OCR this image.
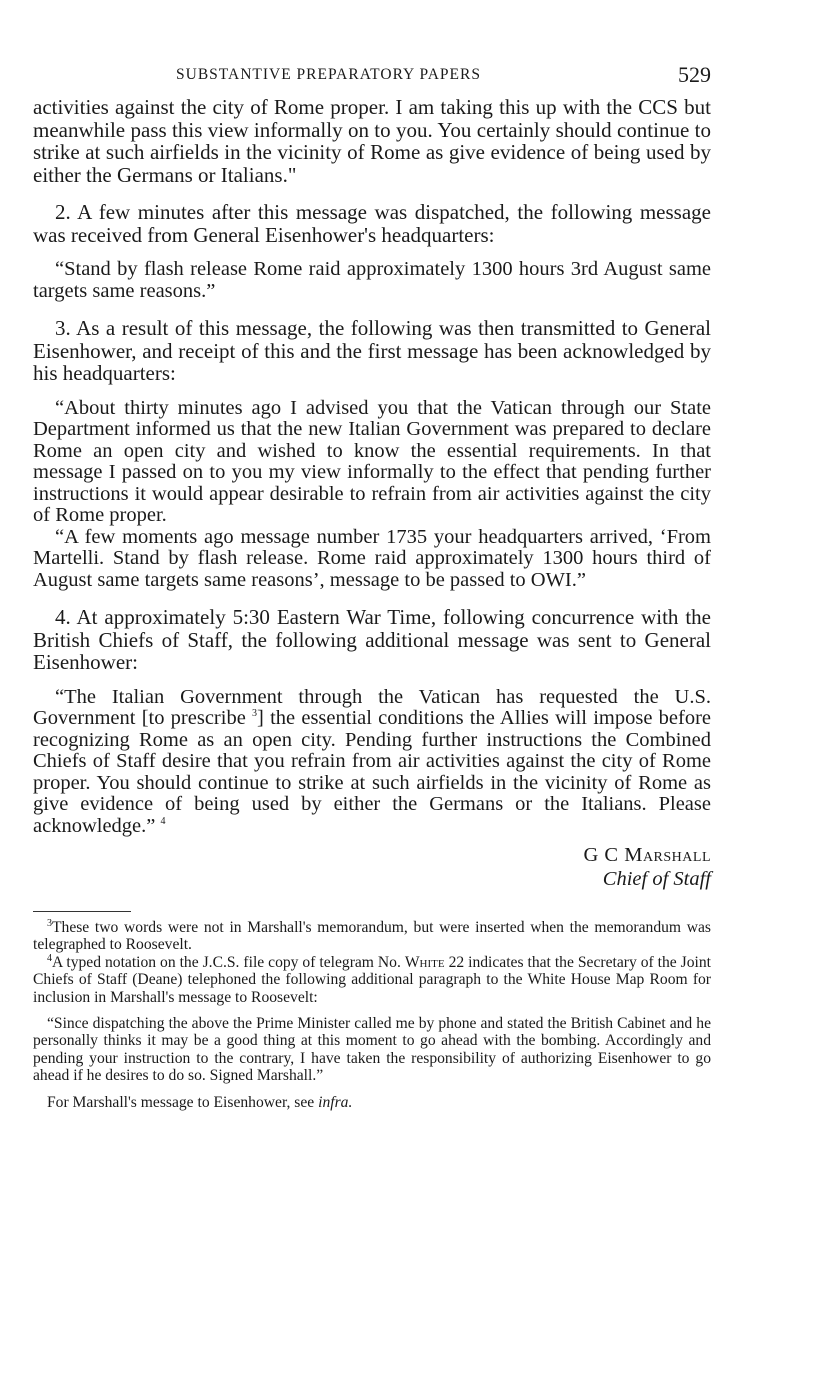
SUBSTANTIVE PREPARATORY PAPERS	529

activities against the city of Rome proper. I am taking this up with the CCS but meanwhile pass this view informally on to you. You certainly should continue to strike at such airfields in the vicinity of Rome as give evidence of being used by either the Germans or Italians."

2. A few minutes after this message was dispatched, the following message was received from General Eisenhower's headquarters:

“Stand by flash release Rome raid approximately 1300 hours 3rd August same targets same reasons.”

3. As a result of this message, the following was then transmitted to General Eisenhower, and receipt of this and the first message has been acknowledged by his headquarters:

“About thirty minutes ago I advised you that the Vatican through our State Department informed us that the new Italian Government was prepared to declare Rome an open city and wished to know the essential requirements. In that message I passed on to you my view informally to the effect that pending further instructions it would appear desirable to refrain from air activities against the city of Rome proper.

“A few moments ago message number 1735 your headquarters arrived, ‘From Martelli. Stand by flash release. Rome raid approximately 1300 hours third of August same targets same reasons’, message to be passed to OWI.”

4. At approximately 5:30 Eastern War Time, following concurrence with the British Chiefs of Staff, the following additional message was sent to General Eisenhower:

“The Italian Government through the Vatican has requested the U.S. Government [to prescribe $^3$] the essential conditions the Allies will impose before recognizing Rome as an open city. Pending further instructions the Combined Chiefs of Staff desire that you refrain from air activities against the city of Rome proper. You should continue to strike at such airfields in the vicinity of Rome as give evidence of being used by either the Germans or the Italians. Please acknowledge.” $^4$

G C Marshall
Chief of Staff

$^3$These two words were not in Marshall's memorandum, but were inserted when the memorandum was telegraphed to Roosevelt.

$^4$A typed notation on the J.C.S. file copy of telegram No. White 22 indicates that the Secretary of the Joint Chiefs of Staff (Deane) telephoned the following additional paragraph to the White House Map Room for inclusion in Marshall's message to Roosevelt:

“Since dispatching the above the Prime Minister called me by phone and stated the British Cabinet and he personally thinks it may be a good thing at this moment to go ahead with the bombing. Accordingly and pending your instruction to the contrary, I have taken the responsibility of authorizing Eisenhower to go ahead if he desires to do so. Signed Marshall.”

For Marshall's message to Eisenhower, see infra.
